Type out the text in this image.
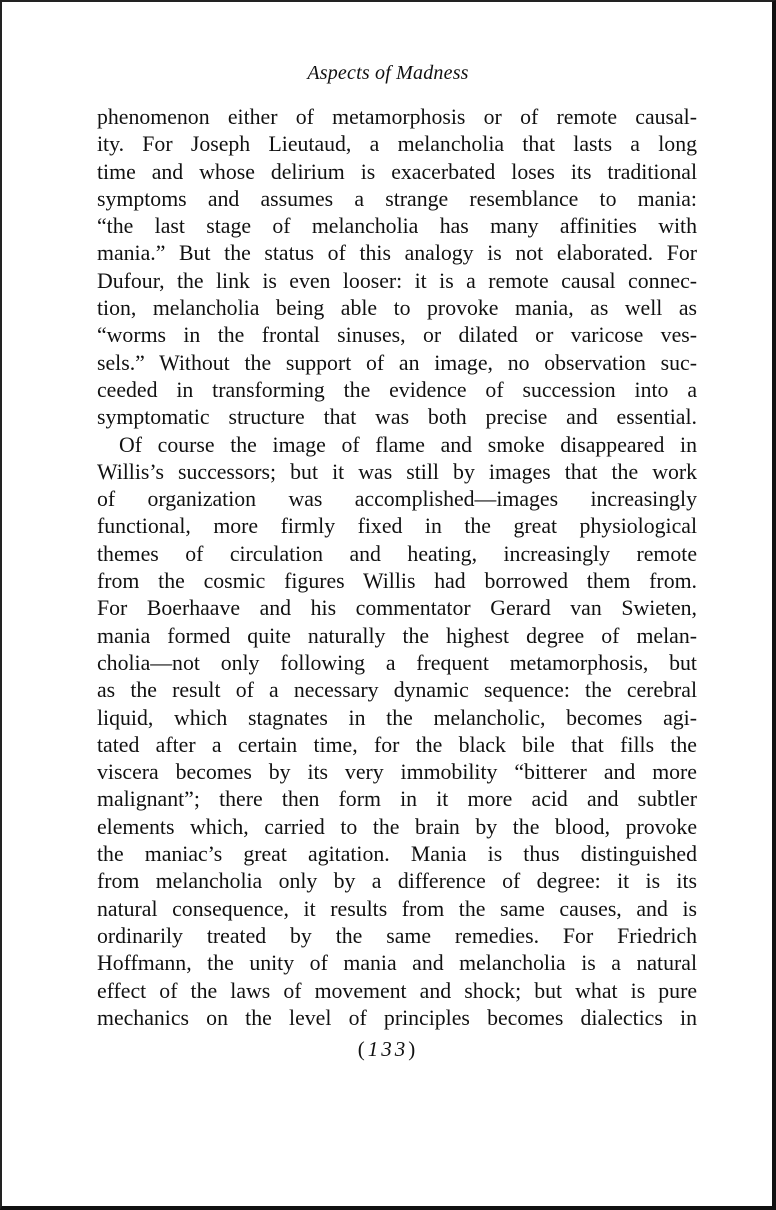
Aspects of Madness
phenomenon either of metamorphosis or of remote causal-
ity. For Joseph Lieutaud, a melancholia that lasts a long
time and whose delirium is exacerbated loses its traditional
symptoms and assumes a strange resemblance to mania:
“the last stage of melancholia has many affinities with
mania.” But the status of this analogy is not elaborated. For
Dufour, the link is even looser: it is a remote causal connec-
tion, melancholia being able to provoke mania, as well as
“worms in the frontal sinuses, or dilated or varicose ves-
sels.” Without the support of an image, no observation suc-
ceeded in transforming the evidence of succession into a
symptomatic structure that was both precise and essential.
Of course the image of flame and smoke disappeared in
Willis’s successors; but it was still by images that the work
of organization was accomplished—images increasingly
functional, more firmly fixed in the great physiological
themes of circulation and heating, increasingly remote
from the cosmic figures Willis had borrowed them from.
For Boerhaave and his commentator Gerard van Swieten,
mania formed quite naturally the highest degree of melan-
cholia—not only following a frequent metamorphosis, but
as the result of a necessary dynamic sequence: the cerebral
liquid, which stagnates in the melancholic, becomes agi-
tated after a certain time, for the black bile that fills the
viscera becomes by its very immobility “bitterer and more
malignant”; there then form in it more acid and subtler
elements which, carried to the brain by the blood, provoke
the maniac’s great agitation. Mania is thus distinguished
from melancholia only by a difference of degree: it is its
natural consequence, it results from the same causes, and is
ordinarily treated by the same remedies. For Friedrich
Hoffmann, the unity of mania and melancholia is a natural
effect of the laws of movement and shock; but what is pure
mechanics on the level of principles becomes dialectics in
(133)
